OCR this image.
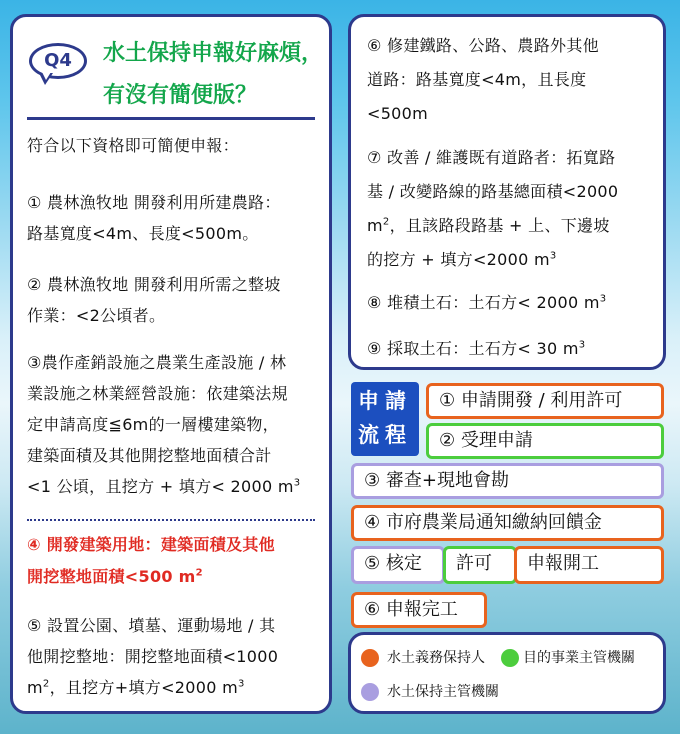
Q4	水土保持申報好麻煩，
有沒有簡便版？
符合以下資格即可簡便申報：
① 農林漁牧地 開發利用所建農路：
路基寬度<4m、長度<500m。
② 農林漁牧地 開發利用所需之整坡
作業：<2公頃者。
③農作產銷設施之農業生產設施 / 林
業設施之林業經營設施：依建築法規
定申請高度≦6m的一層樓建築物，
建築面積及其他開挖整地面積合計
<1 公頃，且挖方 + 填方< 2000 $m^3$
④ 開發建築用地：建築面積及其他
開挖整地面積<500 $m^2$
⑤ 設置公園、墳墓、運動場地 / 其
他開挖整地：開挖整地面積<1000
$m^2$，且挖方+填方<2000 $m^3$
⑥ 修建鐵路、公路、農路外其他
道路：路基寬度<4m，且長度
<500m
⑦ 改善 / 維護既有道路者：拓寬路
基 / 改變路線的路基總面積<2000
$m^2$，且該路段路基 + 上、下邊坡
的挖方 + 填方<2000 $m^3$
⑧ 堆積土石：土石方< 2000 $m^3$
⑨ 採取土石：土石方< 30 $m^3$
申請
流程
① 申請開發 / 利用許可
② 受理申請
③ 審查+現地會勘
④ 市府農業局通知繳納回饋金
⑤ 核定	許可	申報開工
⑥ 申報完工
水土義務保持人	目的事業主管機關
水土保持主管機關
